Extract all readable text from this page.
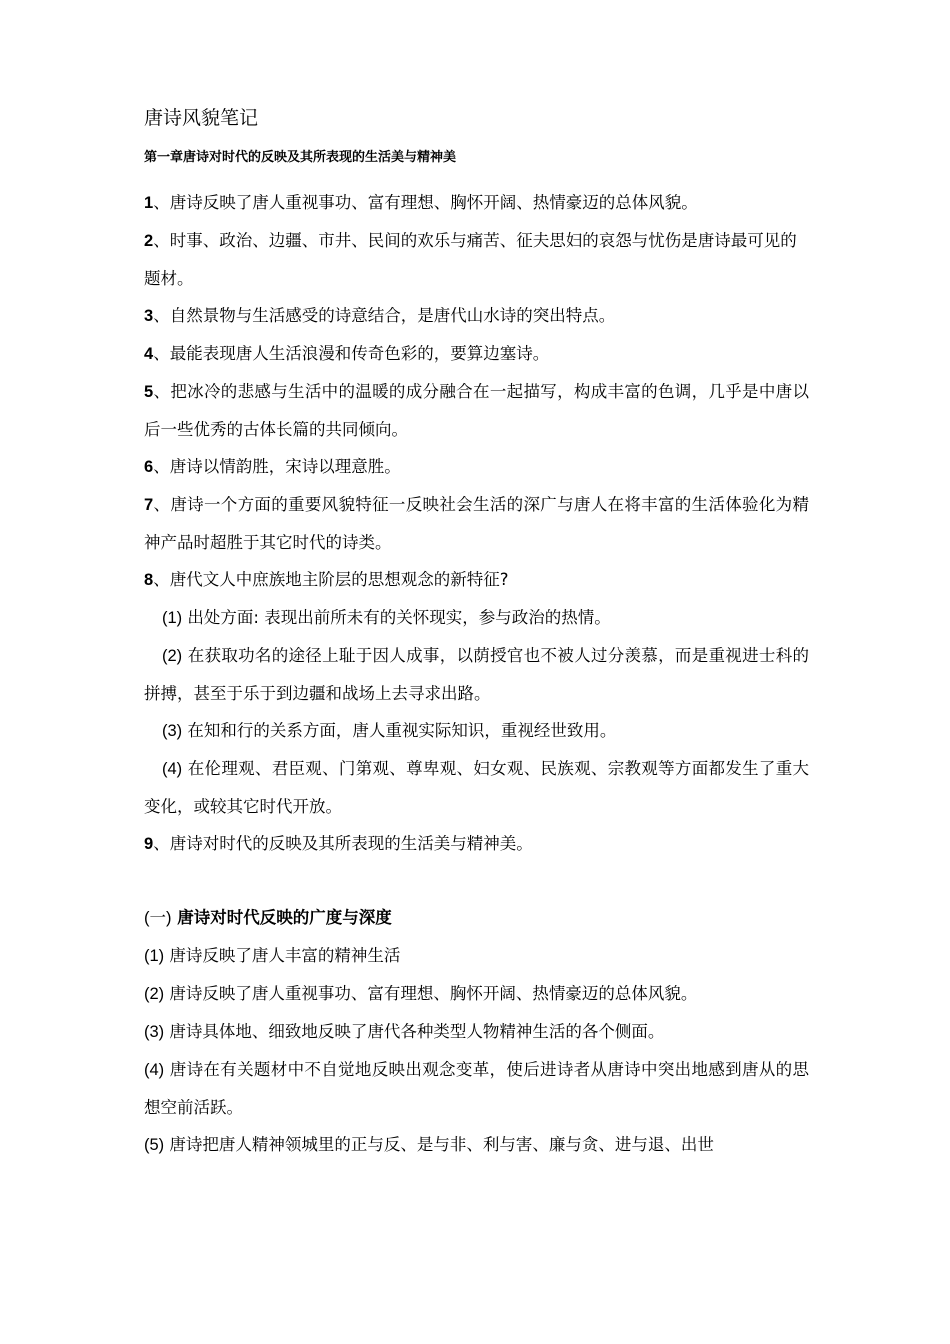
唐诗风貌笔记
第一章唐诗对时代的反映及其所表现的生活美与精神美

1、唐诗反映了唐人重视事功、富有理想、胸怀开阔、热情豪迈的总体风貌。

2、时事、政治、边疆、市井、民间的欢乐与痛苦、征夫思妇的哀怨与忧伤是唐诗最可见的

题材。

3、自然景物与生活感受的诗意结合，是唐代山水诗的突出特点。

4、最能表现唐人生活浪漫和传奇色彩的，要算边塞诗。

5、把冰冷的悲感与生活中的温暖的成分融合在一起描写，构成丰富的色调，几乎是中唐以后一些优秀的古体长篇的共同倾向。

6、唐诗以情韵胜，宋诗以理意胜。

7、唐诗一个方面的重要风貌特征一反映社会生活的深广与唐人在将丰富的生活体验化为精神产品时超胜于其它时代的诗类。

8、唐代文人中庶族地主阶层的思想观念的新特征?

(1) 出处方面: 表现出前所未有的关怀现实，参与政治的热情。

(2) 在获取功名的途径上耻于因人成事，以荫授官也不被人过分羡慕，而是重视进士科的拼搏，甚至于乐于到边疆和战场上去寻求出路。

(3) 在知和行的关系方面，唐人重视实际知识，重视经世致用。

(4) 在伦理观、君臣观、门第观、尊卑观、妇女观、民族观、宗教观等方面都发生了重大变化，或较其它时代开放。

9、唐诗对时代的反映及其所表现的生活美与精神美。

(一) 唐诗对时代反映的广度与深度

(1) 唐诗反映了唐人丰富的精神生活

(2) 唐诗反映了唐人重视事功、富有理想、胸怀开阔、热情豪迈的总体风貌。

(3) 唐诗具体地、细致地反映了唐代各种类型人物精神生活的各个侧面。

(4) 唐诗在有关题材中不自觉地反映出观念变革，使后进诗者从唐诗中突出地感到唐从的思想空前活跃。

(5) 唐诗把唐人精神领城里的正与反、是与非、利与害、廉与贪、进与退、出世
